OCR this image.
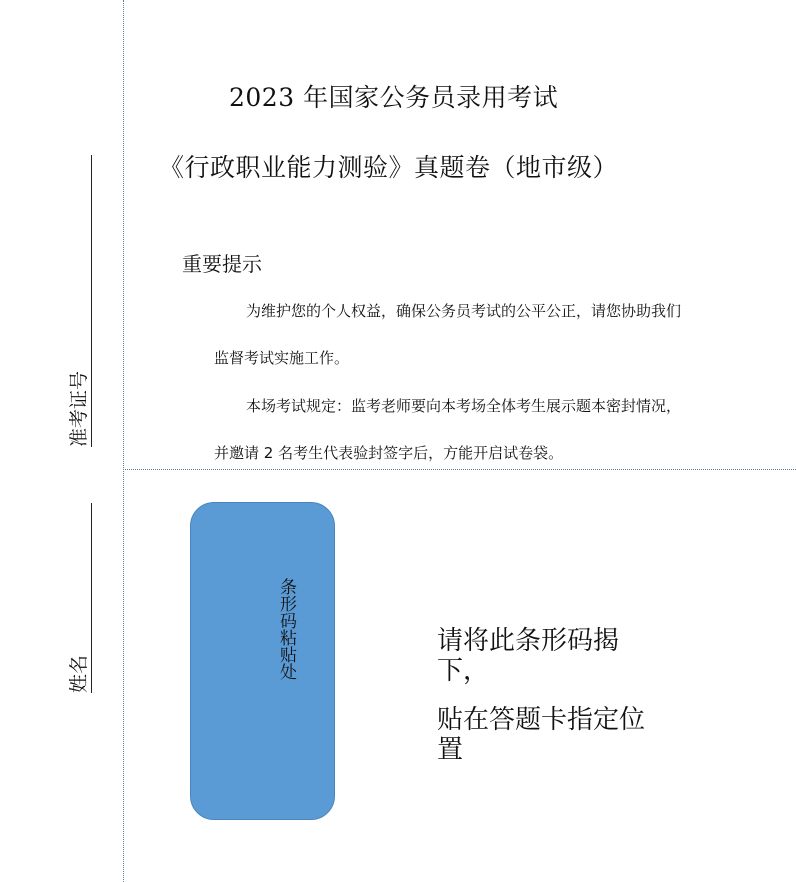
准考证号
姓名
2023 年国家公务员录用考试
《行政职业能力测验》真题卷（地市级）
重要提示
为维护您的个人权益，确保公务员考试的公平公正，请您协助我们
监督考试实施工作。
本场考试规定：监考老师要向本考场全体考生展示题本密封情况，
并邀请 2 名考生代表验封签字后，方能开启试卷袋。
条形码粘贴处	请将此条形码揭下，
贴在答题卡指定位置
